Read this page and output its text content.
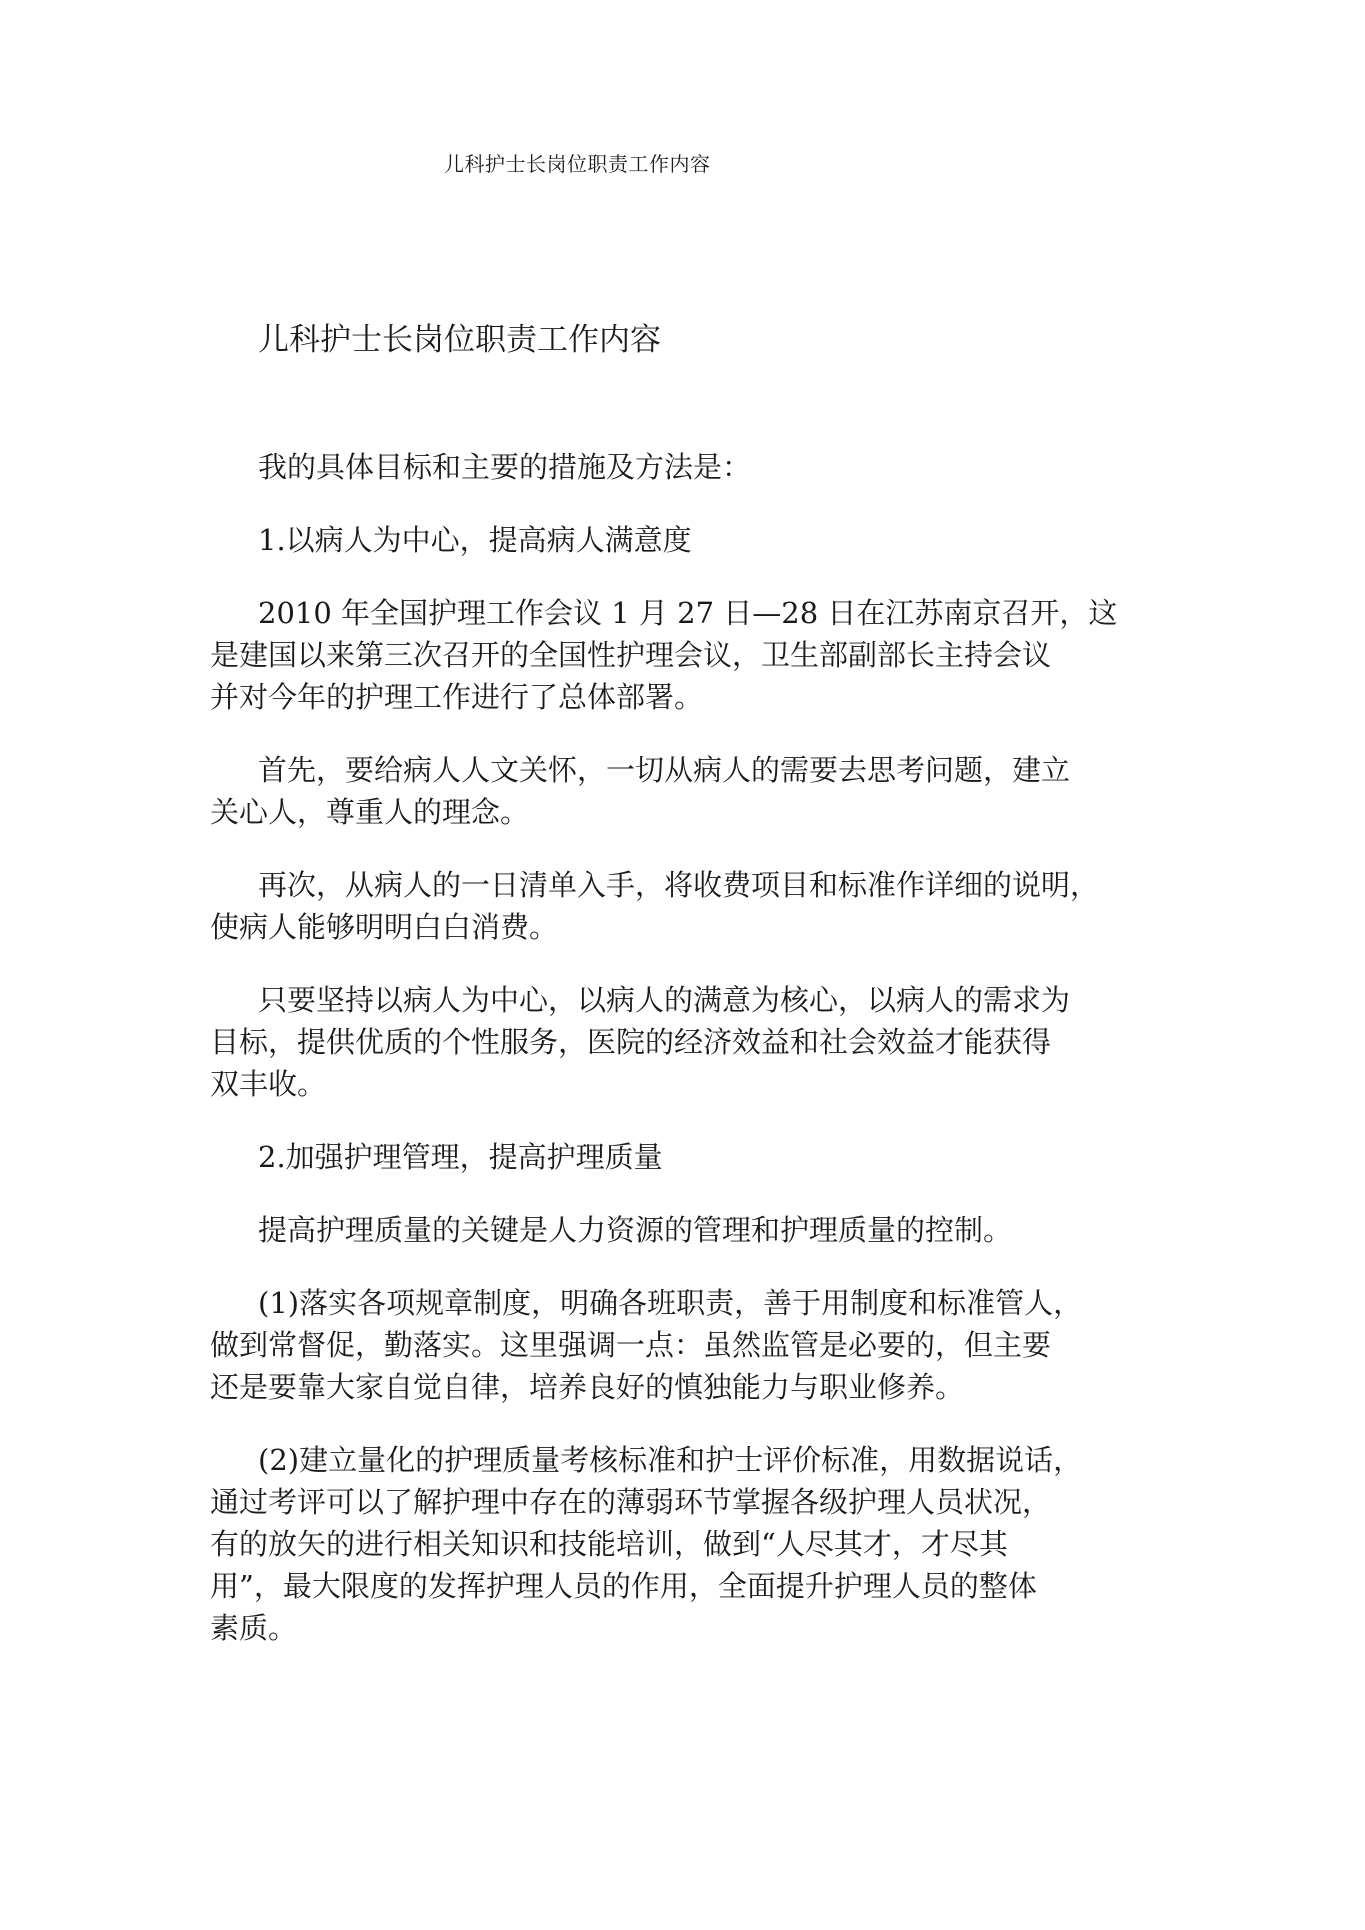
儿科护士长岗位职责工作内容
儿科护士长岗位职责工作内容

我的具体目标和主要的措施及方法是：

1.以病人为中心，提高病人满意度

2010 年全国护理工作会议 1 月 27 日—28 日在江苏南京召开，这
是建国以来第三次召开的全国性护理会议，卫生部副部长主持会议
并对今年的护理工作进行了总体部署。

首先，要给病人人文关怀，一切从病人的需要去思考问题，建立
关心人，尊重人的理念。

再次，从病人的一日清单入手，将收费项目和标准作详细的说明，
使病人能够明明白白消费。

只要坚持以病人为中心，以病人的满意为核心，以病人的需求为
目标，提供优质的个性服务，医院的经济效益和社会效益才能获得
双丰收。

2.加强护理管理，提高护理质量

提高护理质量的关键是人力资源的管理和护理质量的控制。

(1)落实各项规章制度，明确各班职责，善于用制度和标准管人，
做到常督促，勤落实。这里强调一点：虽然监管是必要的，但主要
还是要靠大家自觉自律，培养良好的慎独能力与职业修养。

(2)建立量化的护理质量考核标准和护士评价标准，用数据说话，
通过考评可以了解护理中存在的薄弱环节掌握各级护理人员状况，
有的放矢的进行相关知识和技能培训，做到“人尽其才，才尽其
用”，最大限度的发挥护理人员的作用，全面提升护理人员的整体
素质。
